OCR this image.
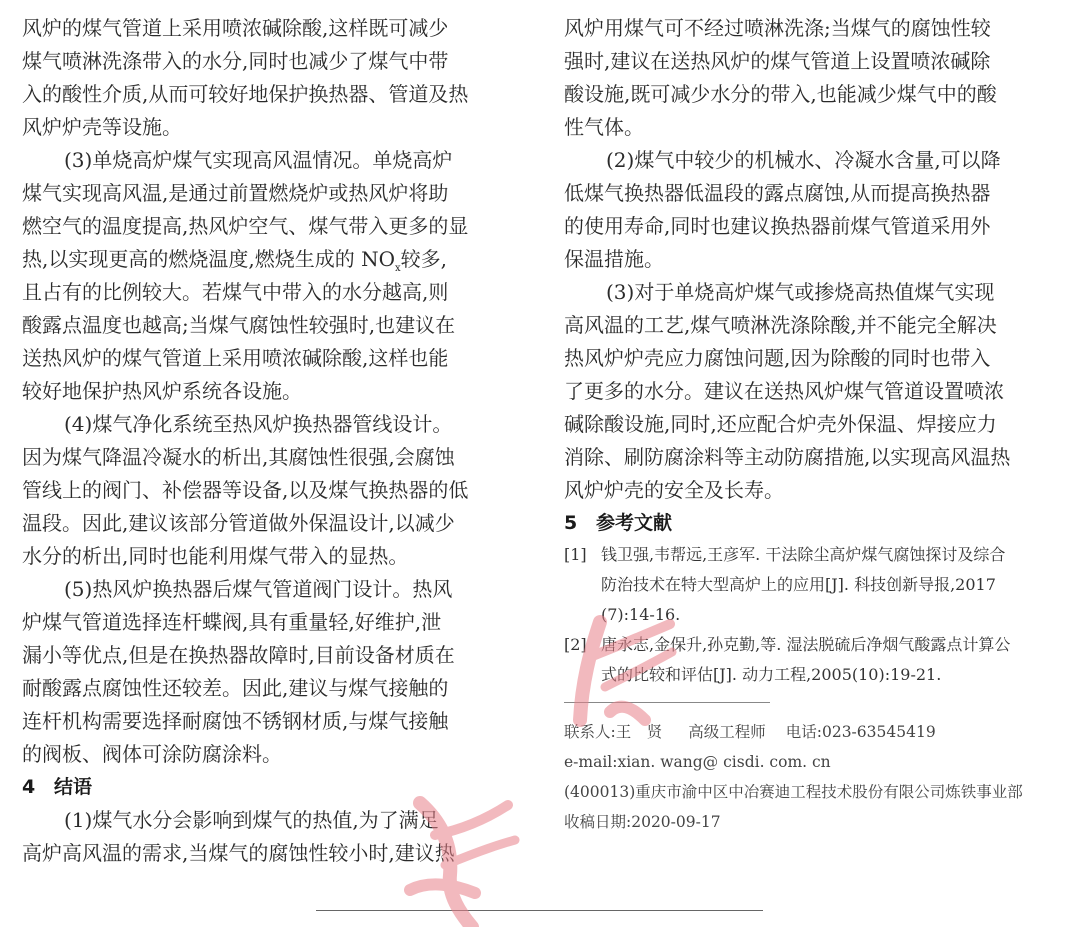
风炉的煤气管道上采用喷浓碱除酸,这样既可减少
煤气喷淋洗涤带入的水分,同时也减少了煤气中带
入的酸性介质,从而可较好地保护换热器、管道及热
风炉炉壳等设施。
(3)单烧高炉煤气实现高风温情况。单烧高炉
煤气实现高风温,是通过前置燃烧炉或热风炉将助
燃空气的温度提高,热风炉空气、煤气带入更多的显
热,以实现更高的燃烧温度,燃烧生成的 $NO_x$较多,
且占有的比例较大。若煤气中带入的水分越高,则
酸露点温度也越高;当煤气腐蚀性较强时,也建议在
送热风炉的煤气管道上采用喷浓碱除酸,这样也能
较好地保护热风炉系统各设施。
(4)煤气净化系统至热风炉换热器管线设计。
因为煤气降温冷凝水的析出,其腐蚀性很强,会腐蚀
管线上的阀门、补偿器等设备,以及煤气换热器的低
温段。因此,建议该部分管道做外保温设计,以减少
水分的析出,同时也能利用煤气带入的显热。
(5)热风炉换热器后煤气管道阀门设计。热风
炉煤气管道选择连杆蝶阀,具有重量轻,好维护,泄
漏小等优点,但是在换热器故障时,目前设备材质在
耐酸露点腐蚀性还较差。因此,建议与煤气接触的
连杆机构需要选择耐腐蚀不锈钢材质,与煤气接触
的阀板、阀体可涂防腐涂料。
4 结语
(1)煤气水分会影响到煤气的热值,为了满足
高炉高风温的需求,当煤气的腐蚀性较小时,建议热
风炉用煤气可不经过喷淋洗涤;当煤气的腐蚀性较
强时,建议在送热风炉的煤气管道上设置喷浓碱除
酸设施,既可减少水分的带入,也能减少煤气中的酸
性气体。
(2)煤气中较少的机械水、冷凝水含量,可以降
低煤气换热器低温段的露点腐蚀,从而提高换热器
的使用寿命,同时也建议换热器前煤气管道采用外
保温措施。
(3)对于单烧高炉煤气或掺烧高热值煤气实现
高风温的工艺,煤气喷淋洗涤除酸,并不能完全解决
热风炉炉壳应力腐蚀问题,因为除酸的同时也带入
了更多的水分。建议在送热风炉煤气管道设置喷浓
碱除酸设施,同时,还应配合炉壳外保温、焊接应力
消除、刷防腐涂料等主动防腐措施,以实现高风温热
风炉炉壳的安全及长寿。
5 参考文献
[1] 钱卫强,韦帮远,王彦军. 干法除尘高炉煤气腐蚀探讨及综合
防治技术在特大型高炉上的应用[J]. 科技创新导报,2017
(7):14-16.
[2] 唐永志,金保升,孙克勤,等. 湿法脱硫后净烟气酸露点计算公
式的比较和评估[J]. 动力工程,2005(10):19-21.
联系人:王　贤 高级工程师 电话:023-63545419
e-mail:xian. wang@ cisdi. com. cn
(400013)重庆市渝中区中冶赛迪工程技术股份有限公司炼铁事业部
收稿日期:2020-09-17
